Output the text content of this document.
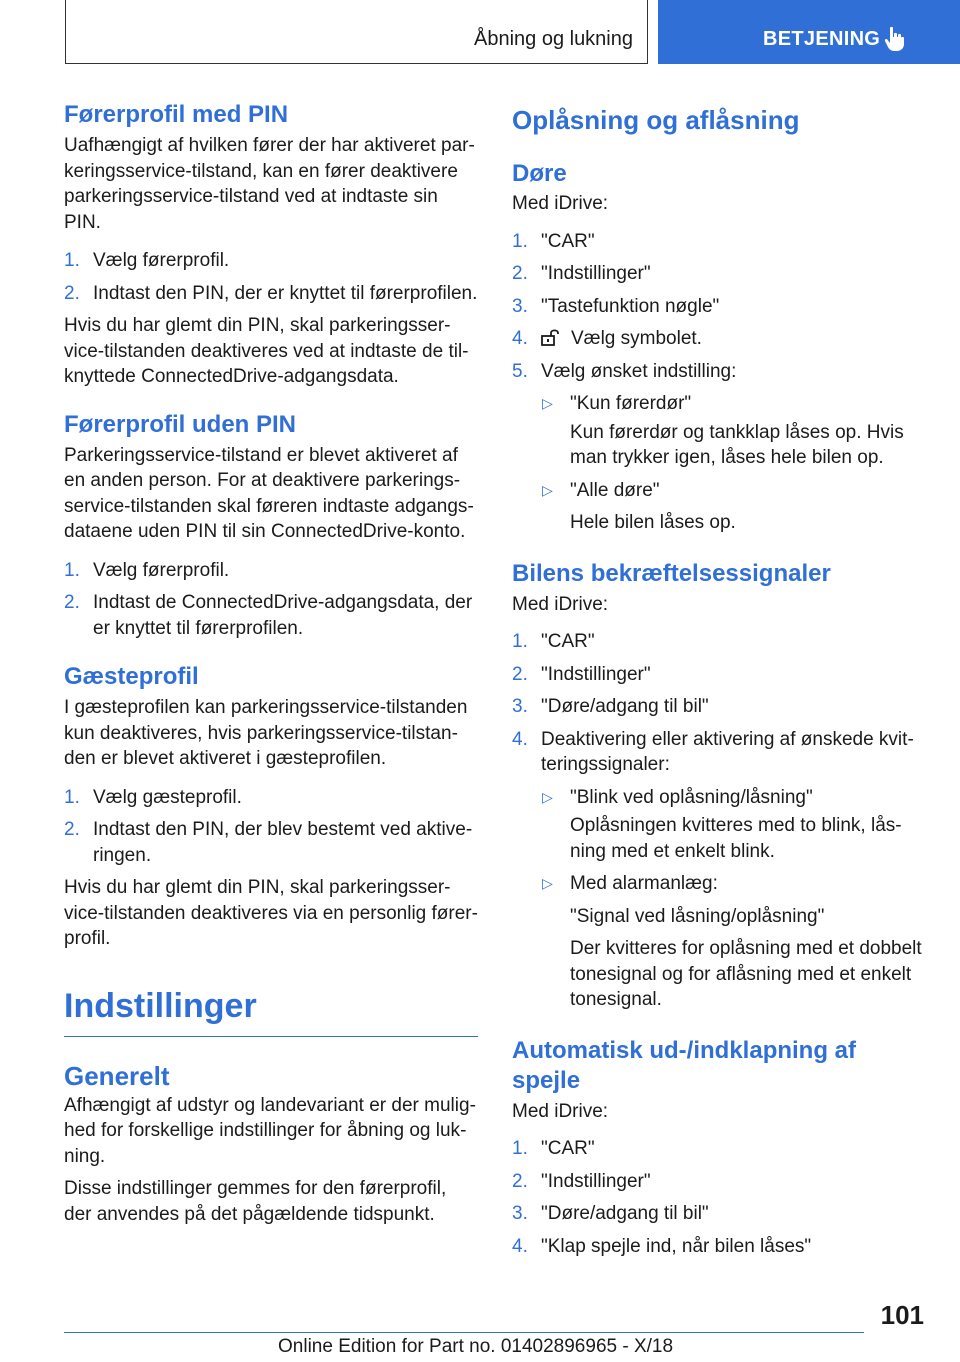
Åbning og lukning	BETJENING
Førerprofil med PIN

Uafhængigt af hvilken fører der har aktiveret parkeringsservice-tilstand, kan en fører deaktivere parkeringsservice-tilstand ved at indtaste sin PIN.

1. Vælg førerprofil.
2. Indtast den PIN, der er knyttet til førerprofilen.

Hvis du har glemt din PIN, skal parkeringsservice-tilstanden deaktiveres ved at indtaste de tilknyttede ConnectedDrive-adgangsdata.

Førerprofil uden PIN

Parkeringsservice-tilstand er blevet aktiveret af en anden person. For at deaktivere parkeringsservice-tilstanden skal føreren indtaste adgangsdataene uden PIN til sin ConnectedDrive-konto.

1. Vælg førerprofil.
2. Indtast de ConnectedDrive-adgangsdata, der er knyttet til førerprofilen.
Gæsteprofil

I gæsteprofilen kan parkeringsservice-tilstanden kun deaktiveres, hvis parkeringsservice-tilstanden er blevet aktiveret i gæsteprofilen.

1. Vælg gæsteprofil.
2. Indtast den PIN, der blev bestemt ved aktiveringen.

Hvis du har glemt din PIN, skal parkeringsservice-tilstanden deaktiveres via en personlig førerprofil.

Indstillinger
Generelt

Afhængigt af udstyr og landevariant er der mulighed for forskellige indstillinger for åbning og lukning.

Disse indstillinger gemmes for den førerprofil, der anvendes på det pågældende tidspunkt.

Oplåsning og aflåsning
Døre

Med iDrive:

1. "CAR"
2. "Indstillinger"
3. "Tastefunktion nøgle"
4. Vælg symbolet.
5. Vælg ønsket indstilling:
▷ "Kun førerdør"
Kun førerdør og tankklap låses op. Hvis man trykker igen, låses hele bilen op.
▷ "Alle døre"
Hele bilen låses op.
Bilens bekræftelsessignaler

Med iDrive:

1. "CAR"
2. "Indstillinger"
3. "Døre/adgang til bil"
4. Deaktivering eller aktivering af ønskede kvitteringssignaler:
▷ "Blink ved oplåsning/låsning"
Oplåsningen kvitteres med to blink, låsning med et enkelt blink.
▷ Med alarmanlæg:
"Signal ved låsning/oplåsning"
Der kvitteres for oplåsning med et dobbelt tonesignal og for aflåsning med et enkelt tonesignal.
Automatisk ud-/indklapning af spejle

Med iDrive:

1. "CAR"
2. "Indstillinger"
3. "Døre/adgang til bil"
4. "Klap spejle ind, når bilen låses"
101
Online Edition for Part no. 01402896965 - X/18
